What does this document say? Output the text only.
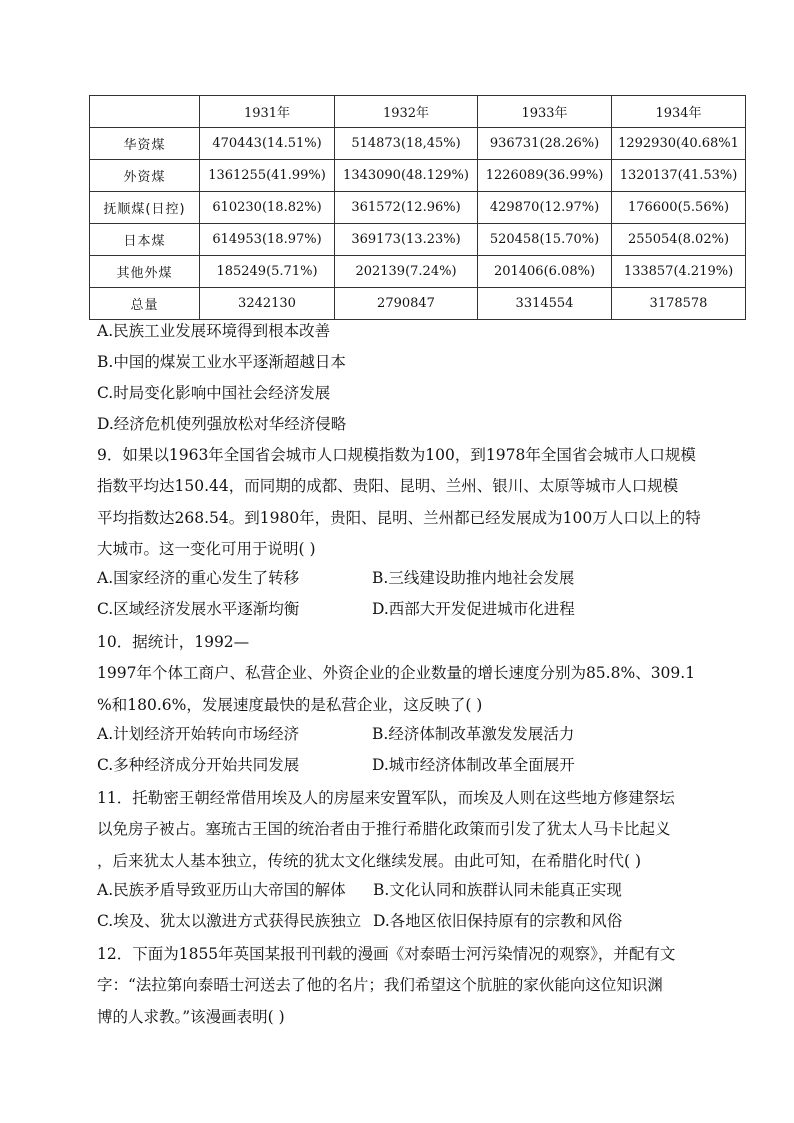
	1931年	1932年	1933年	1934年
华资煤	470443(14.51%)	514873(18,45%)	936731(28.26%)	1292930(40.68%1
外资煤	1361255(41.99%)	1343090(48.129%)	1226089(36.99%)	1320137(41.53%)
抚顺煤(日控)	610230(18.82%)	361572(12.96%)	429870(12.97%)	176600(5.56%)
日本煤	614953(18.97%)	369173(13.23%)	520458(15.70%)	255054(8.02%)
其他外煤	185249(5.71%)	202139(7.24%)	201406(6.08%)	133857(4.219%)
总量	3242130	2790847	3314554	3178578
A.民族工业发展环境得到根本改善
B.中国的煤炭工业水平逐渐超越日本
C.时局变化影响中国社会经济发展
D.经济危机使列强放松对华经济侵略
9．如果以1963年全国省会城市人口规模指数为100，到1978年全国省会城市人口规模
指数平均达150.44，而同期的成都、贵阳、昆明、兰州、银川、太原等城市人口规模
平均指数达268.54。到1980年，贵阳、昆明、兰州都已经发展成为100万人口以上的特
大城市。这一变化可用于说明( )
A.国家经济的重心发生了转移	B.三线建设助推内地社会发展
C.区域经济发展水平逐渐均衡	D.西部大开发促进城市化进程
10．据统计，1992—
1997年个体工商户、私营企业、外资企业的企业数量的增长速度分别为85.8%、309.1
%和180.6%，发展速度最快的是私营企业，这反映了( )
A.计划经济开始转向市场经济	B.经济体制改革激发发展活力
C.多种经济成分开始共同发展	D.城市经济体制改革全面展开
11．托勒密王朝经常借用埃及人的房屋来安置军队，而埃及人则在这些地方修建祭坛
以免房子被占。塞琉古王国的统治者由于推行希腊化政策而引发了犹太人马卡比起义
，后来犹太人基本独立，传统的犹太文化继续发展。由此可知，在希腊化时代( )
A.民族矛盾导致亚历山大帝国的解体 B.文化认同和族群认同未能真正实现
C.埃及、犹太以激进方式获得民族独立 D.各地区依旧保持原有的宗教和风俗
12．下面为1855年英国某报刊刊载的漫画《对泰晤士河污染情况的观察》，并配有文
字：“法拉第向泰晤士河送去了他的名片；我们希望这个肮脏的家伙能向这位知识渊
博的人求教。”该漫画表明( )
